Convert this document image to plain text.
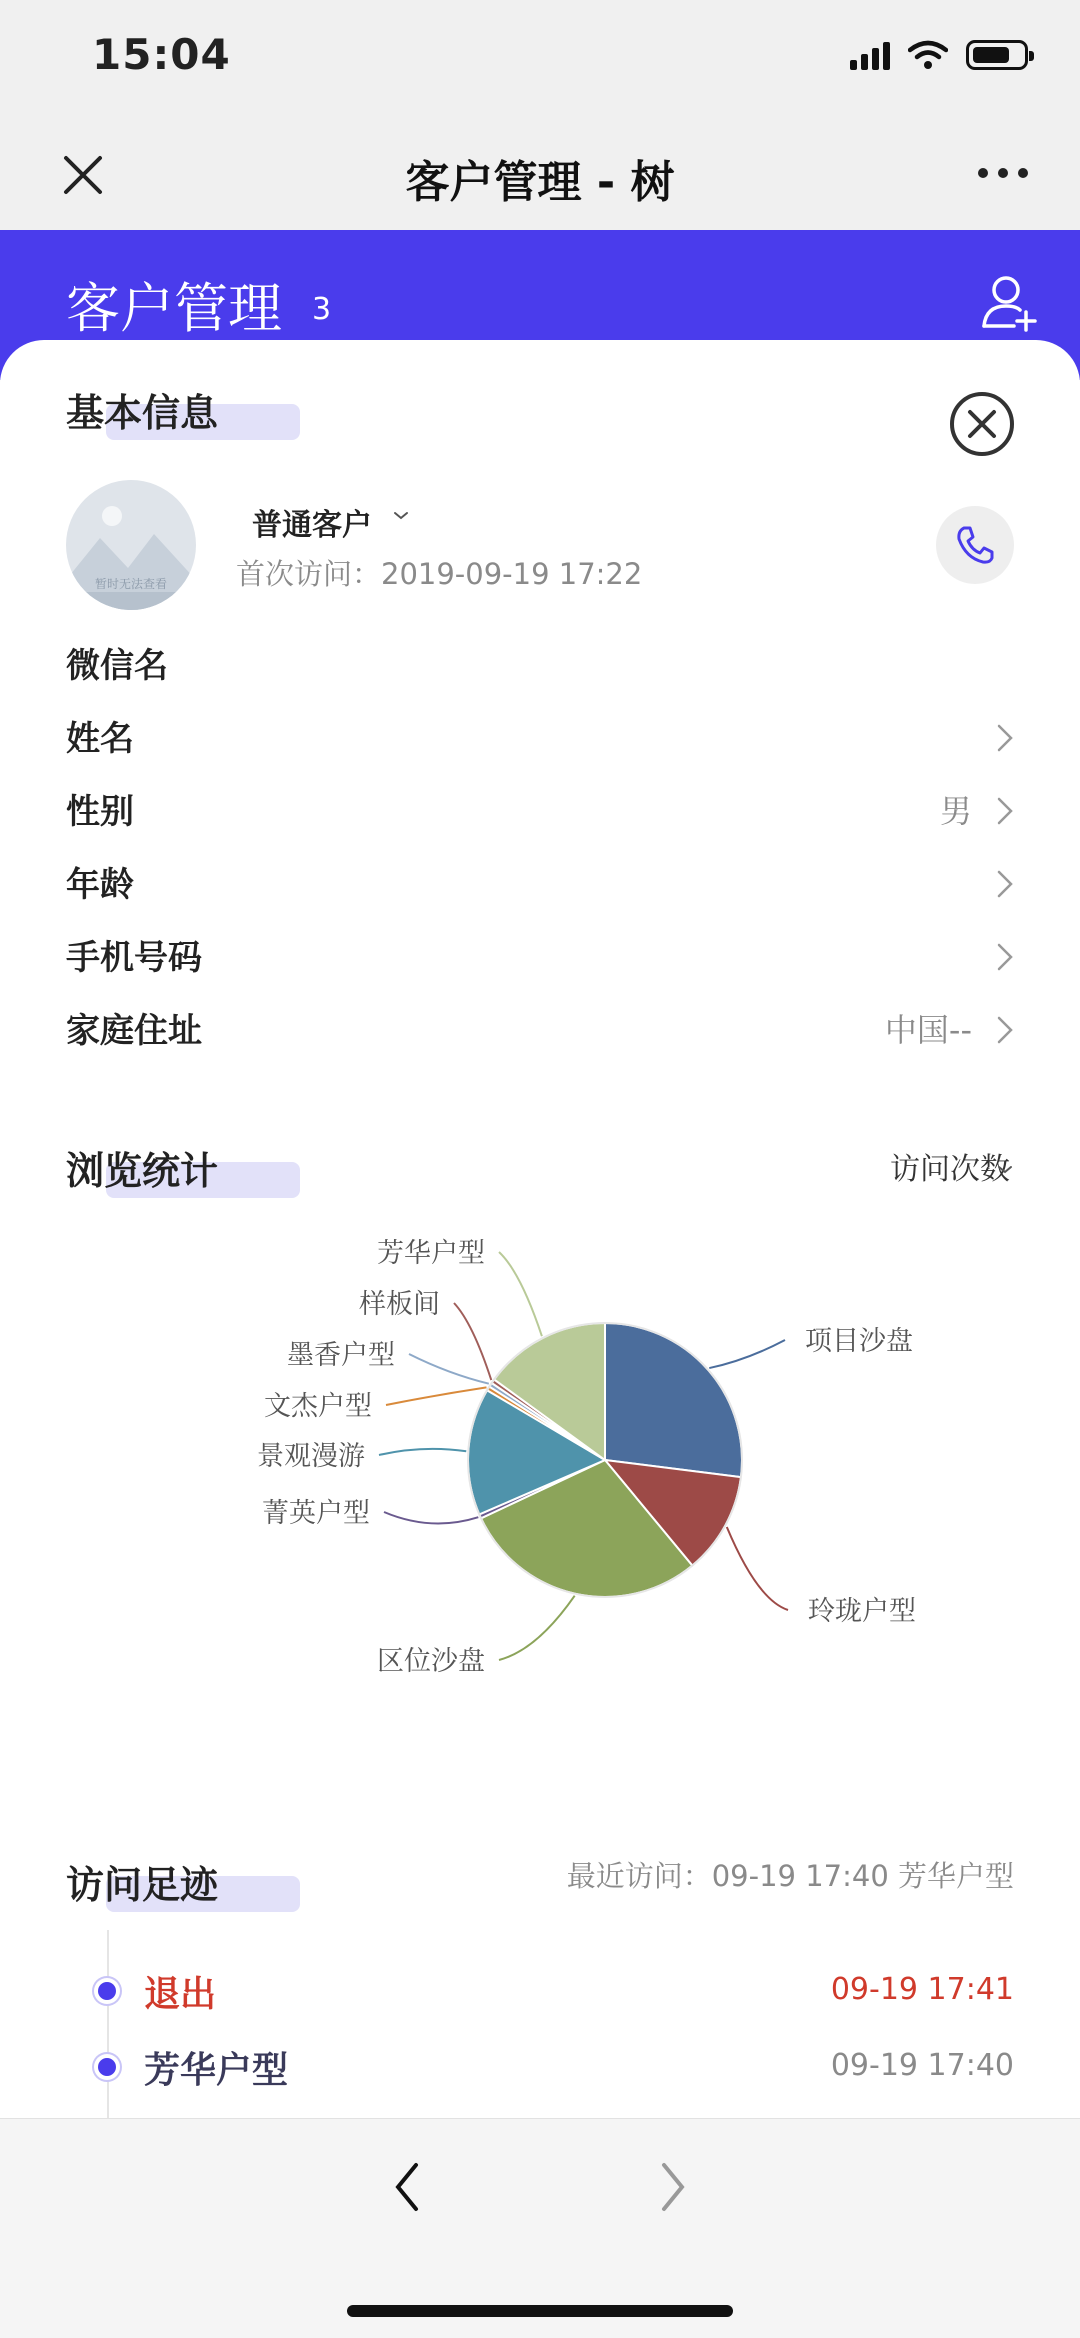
15:04
客户管理 - 树
客户管理 3
基本信息
暂时无法查看
普通客户
首次访问：2019-09-19 17:22
微信名
姓名
性别	男
年龄
手机号码
家庭住址	中国--
浏览统计	访问次数
项目沙盘
玲珑户型
区位沙盘
菁英户型
景观漫游
文杰户型
墨香户型
样板间
芳华户型
访问足迹	最近访问：09-19 17:40 芳华户型
退出	09-19 17:41
芳华户型	09-19 17:40
